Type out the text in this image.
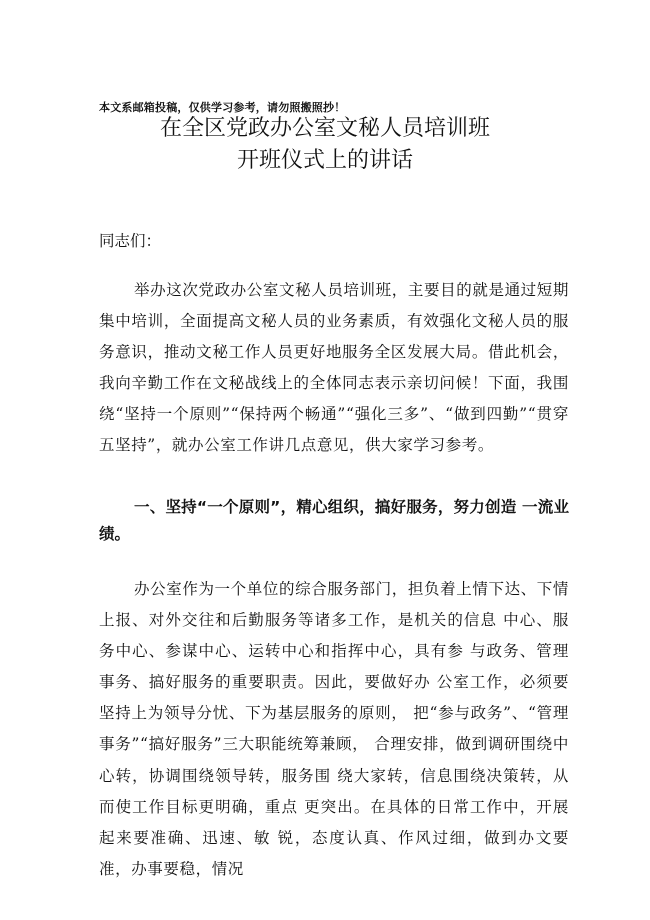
本文系邮箱投稿，仅供学习参考，请勿照搬照抄！
在全区党政办公室文秘人员培训班
开班仪式上的讲话
同志们：
举办这次党政办公室文秘人员培训班，主要目的就是通过短期集中培训，全面提高文秘人员的业务素质，有效强化文秘人员的服务意识，推动文秘工作人员更好地服务全区发展大局。借此机会，我向辛勤工作在文秘战线上的全体同志表示亲切问候！下面，我围绕“坚持一个原则”“保持两个畅通”“强化三多”、“做到四勤”“贯穿五坚持”，就办公室工作讲几点意见，供大家学习参考。
一、坚持“一个原则”，精心组织，搞好服务，努力创造 一流业绩。
办公室作为一个单位的综合服务部门，担负着上情下达、下情上报、对外交往和后勤服务等诸多工作，是机关的信息 中心、服务中心、参谋中心、运转中心和指挥中心，具有参 与政务、管理事务、搞好服务的重要职责。因此，要做好办 公室工作，必须要坚持上为领导分忧、下为基层服务的原则， 把“参与政务”、“管理事务”“搞好服务”三大职能统筹兼顾， 合理安排，做到调研围绕中心转，协调围绕领导转，服务围 绕大家转，信息围绕决策转，从而使工作目标更明确，重点 更突出。在具体的日常工作中，开展起来要准确、迅速、敏 锐，态度认真、作风过细，做到办文要准，办事要稳，情况
